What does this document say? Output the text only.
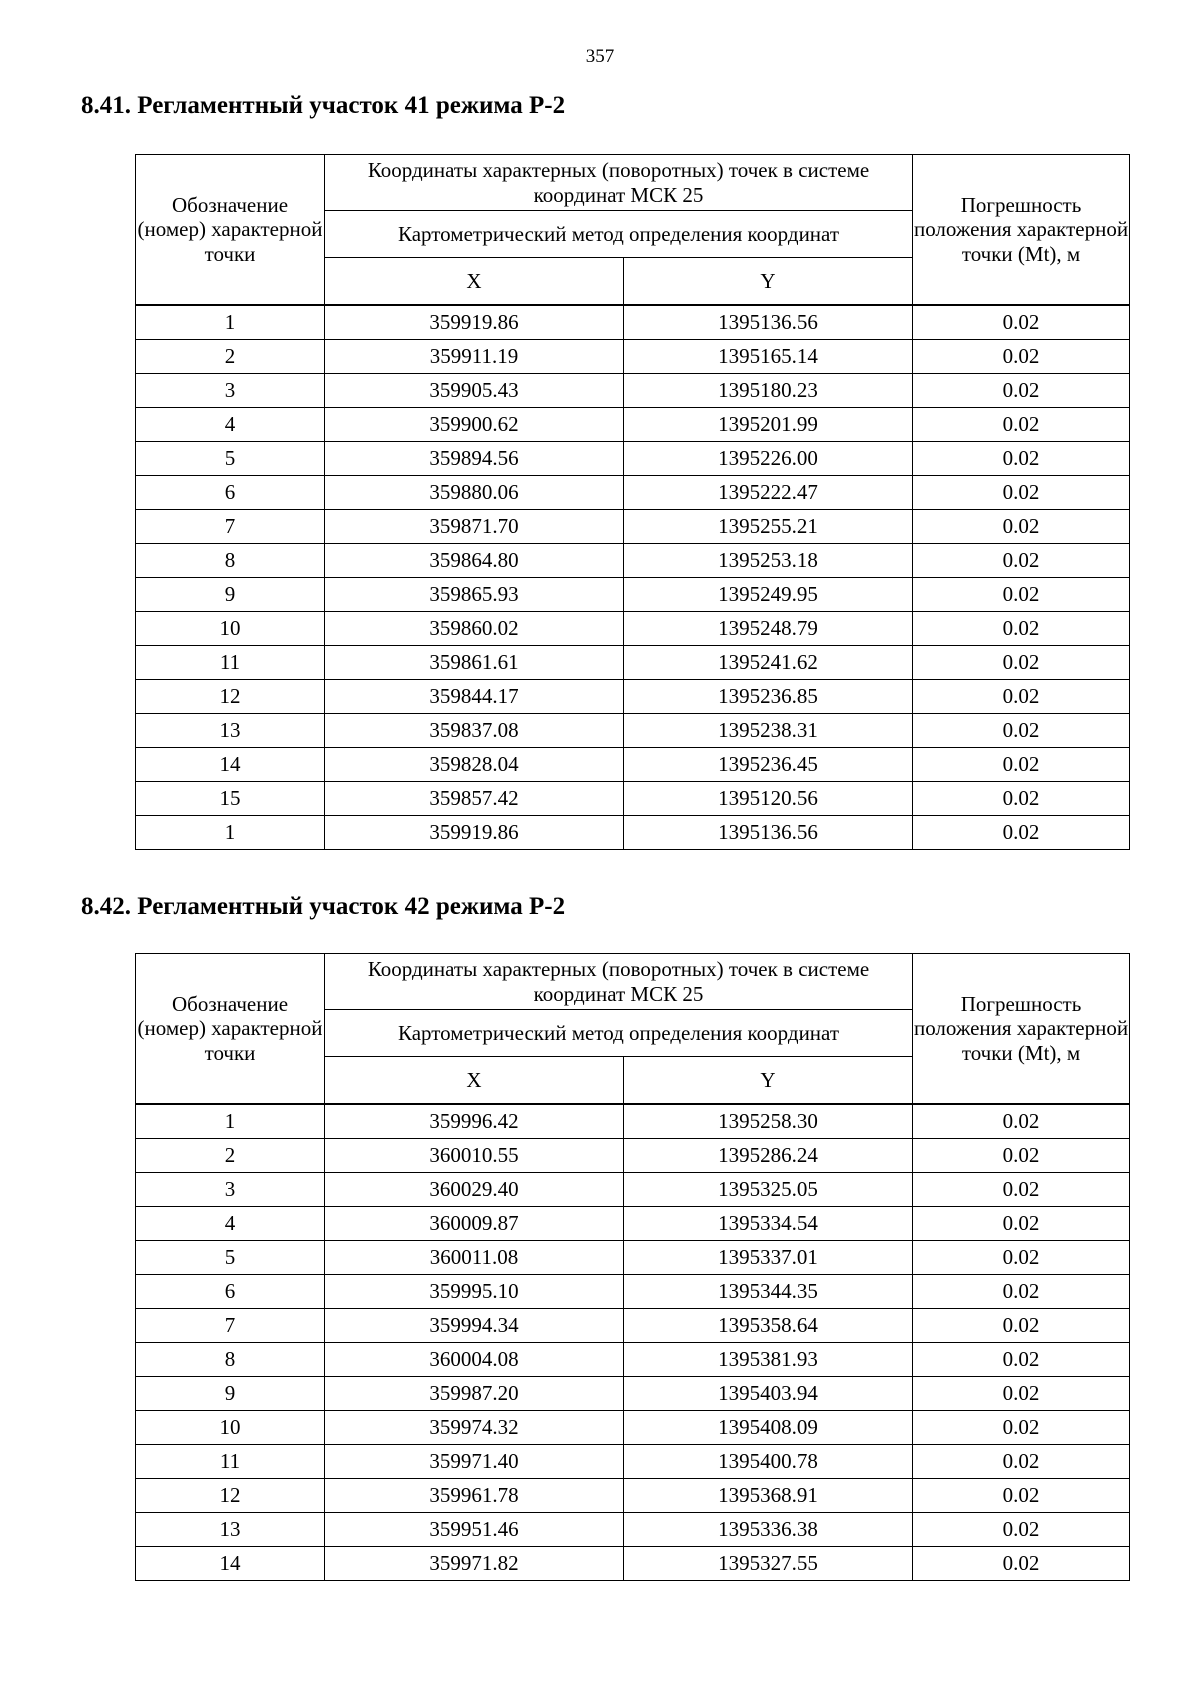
357
8.41. Регламентный участок 41 режима Р-2
Обозначение (номер) характерной точки	Координаты характерных (поворотных) точек в системе координат МСК 25		Погрешность положения характерной точки (Mt), м
	Картометрический метод определения координат		
	X	Y	
1	359919.86	1395136.56	0.02
2	359911.19	1395165.14	0.02
3	359905.43	1395180.23	0.02
4	359900.62	1395201.99	0.02
5	359894.56	1395226.00	0.02
6	359880.06	1395222.47	0.02
7	359871.70	1395255.21	0.02
8	359864.80	1395253.18	0.02
9	359865.93	1395249.95	0.02
10	359860.02	1395248.79	0.02
11	359861.61	1395241.62	0.02
12	359844.17	1395236.85	0.02
13	359837.08	1395238.31	0.02
14	359828.04	1395236.45	0.02
15	359857.42	1395120.56	0.02
1	359919.86	1395136.56	0.02
8.42. Регламентный участок 42 режима Р-2
Обозначение (номер) характерной точки	Координаты характерных (поворотных) точек в системе координат МСК 25		Погрешность положения характерной точки (Mt), м
	Картометрический метод определения координат		
	X	Y	
1	359996.42	1395258.30	0.02
2	360010.55	1395286.24	0.02
3	360029.40	1395325.05	0.02
4	360009.87	1395334.54	0.02
5	360011.08	1395337.01	0.02
6	359995.10	1395344.35	0.02
7	359994.34	1395358.64	0.02
8	360004.08	1395381.93	0.02
9	359987.20	1395403.94	0.02
10	359974.32	1395408.09	0.02
11	359971.40	1395400.78	0.02
12	359961.78	1395368.91	0.02
13	359951.46	1395336.38	0.02
14	359971.82	1395327.55	0.02
